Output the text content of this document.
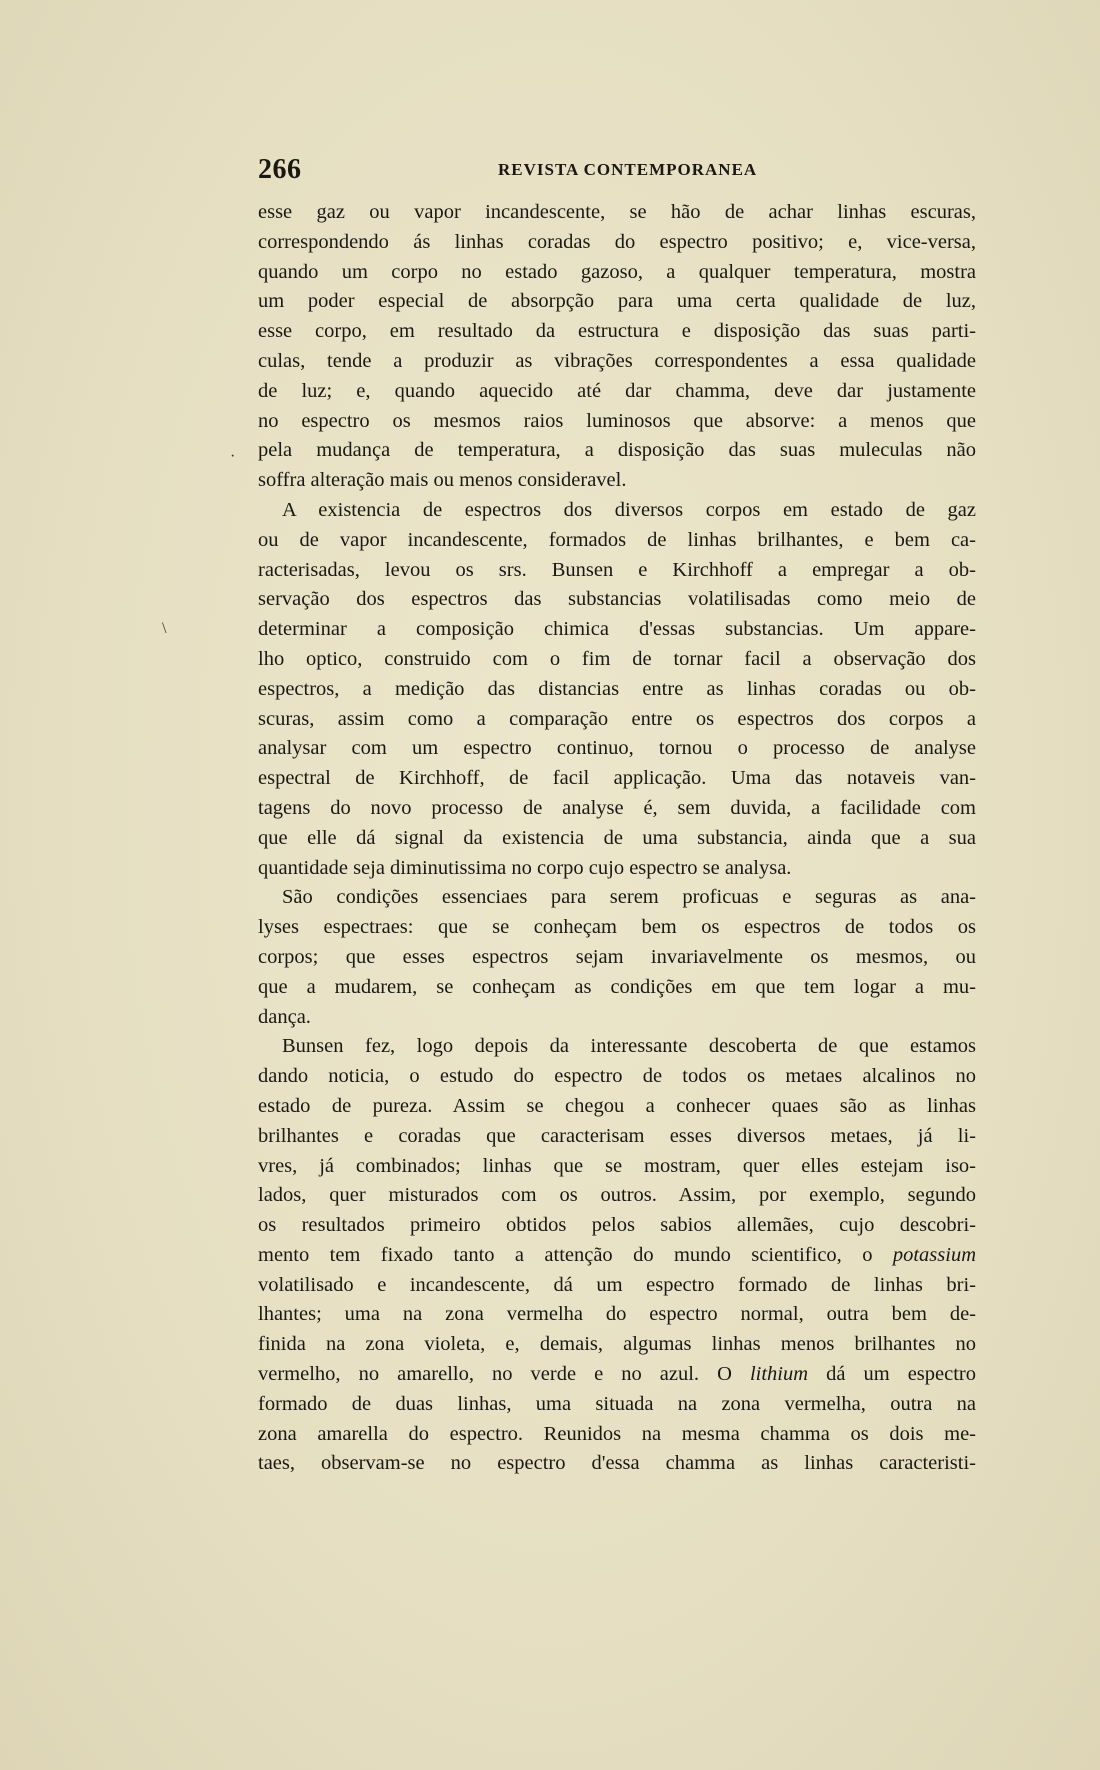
266	REVISTA CONTEMPORANEA
esse gaz ou vapor incandescente, se hão de achar linhas escuras,
correspondendo ás linhas coradas do espectro positivo; e, vice-versa,
quando um corpo no estado gazoso, a qualquer temperatura, mostra
um poder especial de absorpção para uma certa qualidade de luz,
esse corpo, em resultado da estructura e disposição das suas parti-
culas, tende a produzir as vibrações correspondentes a essa qualidade
de luz; e, quando aquecido até dar chamma, deve dar justamente
no espectro os mesmos raios luminosos que absorve: a menos que
pela mudança de temperatura, a disposição das suas muleculas não
soffra alteração mais ou menos consideravel.
A existencia de espectros dos diversos corpos em estado de gaz
ou de vapor incandescente, formados de linhas brilhantes, e bem ca-
racterisadas, levou os srs. Bunsen e Kirchhoff a empregar a ob-
servação dos espectros das substancias volatilisadas como meio de
determinar a composição chimica d'essas substancias. Um appare-
lho optico, construido com o fim de tornar facil a observação dos
espectros, a medição das distancias entre as linhas coradas ou ob-
scuras, assim como a comparação entre os espectros dos corpos a
analysar com um espectro continuo, tornou o processo de analyse
espectral de Kirchhoff, de facil applicação. Uma das notaveis van-
tagens do novo processo de analyse é, sem duvida, a facilidade com
que elle dá signal da existencia de uma substancia, ainda que a sua
quantidade seja diminutissima no corpo cujo espectro se analysa.
São condições essenciaes para serem proficuas e seguras as ana-
lyses espectraes: que se conheçam bem os espectros de todos os
corpos; que esses espectros sejam invariavelmente os mesmos, ou
que a mudarem, se conheçam as condições em que tem logar a mu-
dança.
Bunsen fez, logo depois da interessante descoberta de que estamos
dando noticia, o estudo do espectro de todos os metaes alcalinos no
estado de pureza. Assim se chegou a conhecer quaes são as linhas
brilhantes e coradas que caracterisam esses diversos metaes, já li-
vres, já combinados; linhas que se mostram, quer elles estejam iso-
lados, quer misturados com os outros. Assim, por exemplo, segundo
os resultados primeiro obtidos pelos sabios allemães, cujo descobri-
mento tem fixado tanto a attenção do mundo scientifico, o potassium
volatilisado e incandescente, dá um espectro formado de linhas bri-
lhantes; uma na zona vermelha do espectro normal, outra bem de-
finida na zona violeta, e, demais, algumas linhas menos brilhantes no
vermelho, no amarello, no verde e no azul. O lithium dá um espectro
formado de duas linhas, uma situada na zona vermelha, outra na
zona amarella do espectro. Reunidos na mesma chamma os dois me-
taes, observam-se no espectro d'essa chamma as linhas caracteristi-
·
\
